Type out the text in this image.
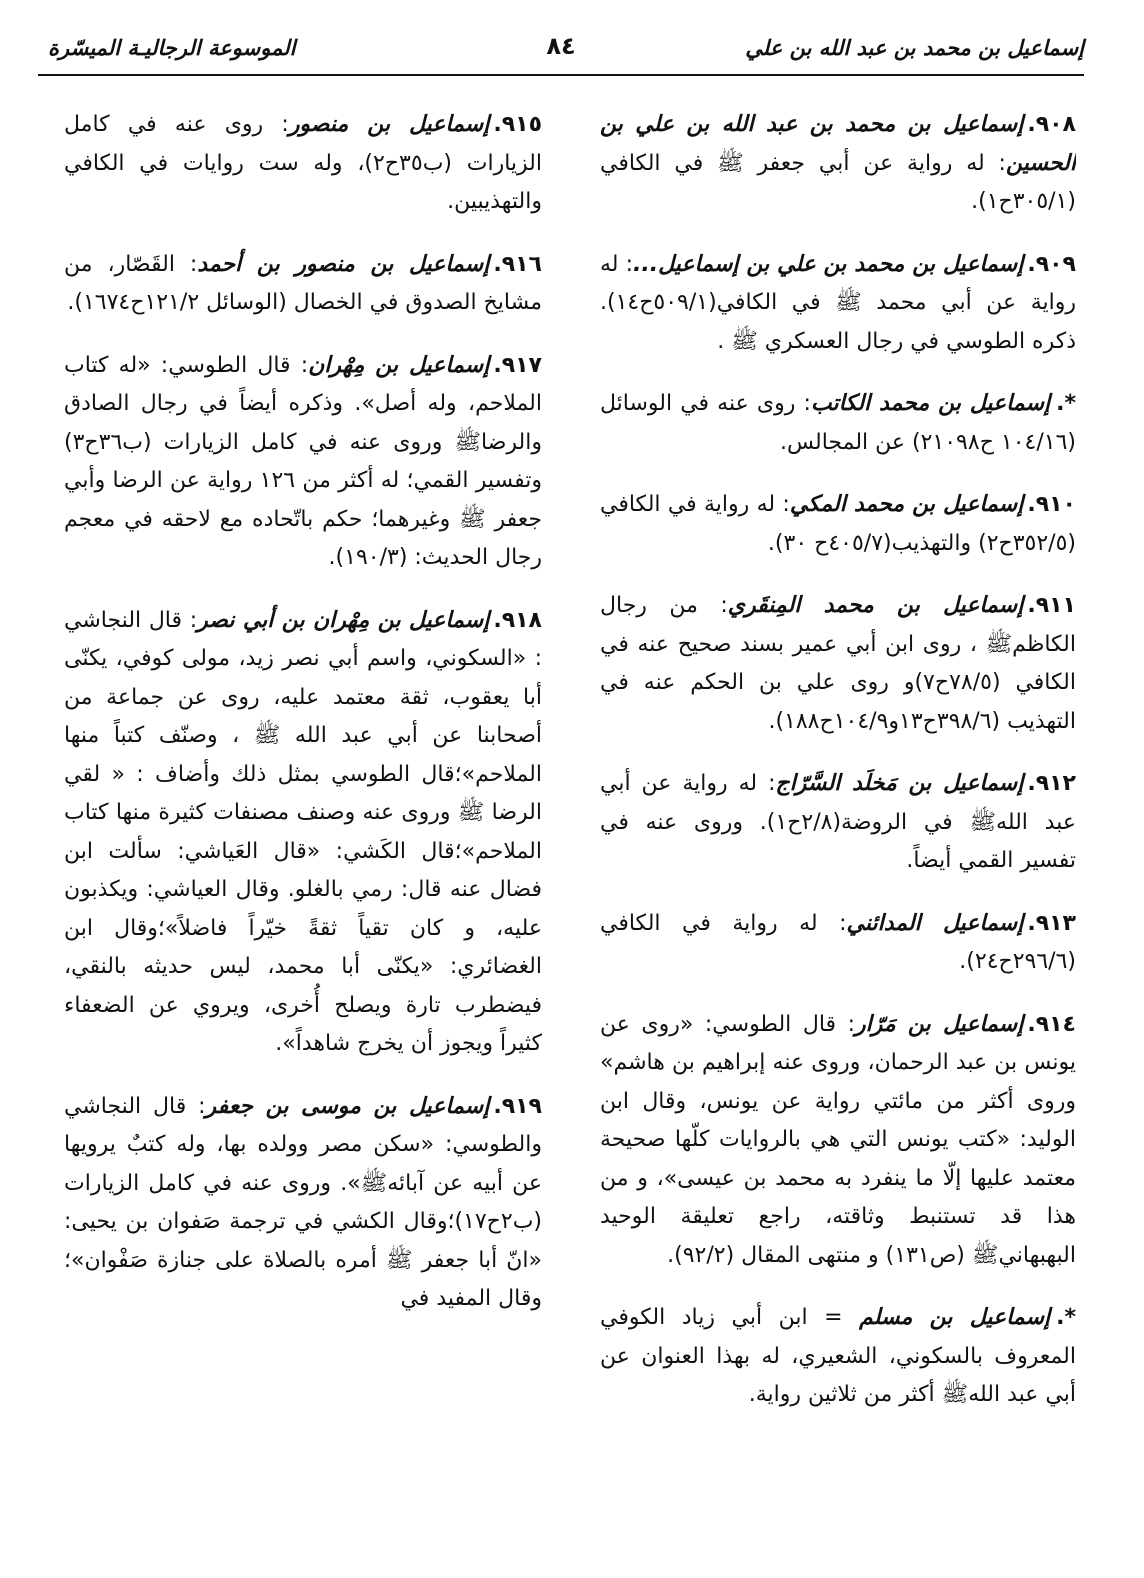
إسماعيل بن محمد بن عبد الله بن علي
٨٤
الموسوعة الرجاليـة الميسّرة

٩٠٨.إسماعيل بن محمد بن عبد الله بن علي بن الحسين: له رواية عن أبي جعفر ﷺ في الكافي (٣٠٥/١ح١).

٩٠٩.إسماعيل بن محمد بن علي بن إسماعيل...: له رواية عن أبي محمد ﷺ في الكافي(٥٠٩/١ح١٤). ذكره الطوسي في رجال العسكري ﷺ .

*.إسماعيل بن محمد الكاتب: روى عنه في الوسائل (١٠٤/١٦ ح٢١٠٩٨) عن المجالس.

٩١٠.إسماعيل بن محمد المكي: له رواية في الكافي (٣٥٢/٥ح٢) والتهذيب(٤٠٥/٧ح ٣٠).

٩١١.إسماعيل بن محمد المِنقَري: من رجال الكاظمﷺ ، روى ابن أبي عمير بسند صحيح عنه في الكافي (٧٨/٥ح٧)و روى علي بن الحكم عنه في التهذيب (٣٩٨/٦ح١٣و١٠٤/٩ح١٨٨).

٩١٢.إسماعيل بن مَخلَد السَّرّاج: له رواية عن أبي عبد اللهﷺ في الروضة(٢/٨ح١). وروى عنه في تفسير القمي أيضاً.

٩١٣.إسماعيل المدائني: له رواية في الكافي (٢٩٦/٦ح٢٤).

٩١٤.إسماعيل بن مَرّار: قال الطوسي: «روى عن يونس بن عبد الرحمان، وروى عنه إبراهيم بن هاشم» وروى أكثر من مائتي رواية عن يونس، وقال ابن الوليد: «كتب يونس التي هي بالروايات كلّها صحيحة معتمد عليها إلّا ما ينفرد به محمد بن عيسى»، و من هذا قد تستنبط وثاقته، راجع تعليقة الوحيد البهبهانيﷺ (ص١٣١) و منتهى المقال (٩٢/٢).

*.إسماعيل بن مسلم = ابن أبي زياد الكوفي المعروف بالسكوني، الشعيري، له بهذا العنوان عن أبي عبد اللهﷺ أكثر من ثلاثين رواية.

٩١٥.إسماعيل بن منصور: روى عنه في كامل الزيارات (ب٣٥ح٢)، وله ست روايات في الكافي والتهذيبين.

٩١٦.إسماعيل بن منصور بن أحمد: القَصّار، من مشايخ الصدوق في الخصال (الوسائل ١٢١/٢ح١٦٧٤).

٩١٧.إسماعيل بن مِهْران: قال الطوسي: «له كتاب الملاحم، وله أصل». وذكره أيضاً في رجال الصادق والرضاﷺ وروى عنه في كامل الزيارات (ب٣٦ح٣) وتفسير القمي؛ له أكثر من ١٢٦ رواية عن الرضا وأبي جعفر ﷺ وغيرهما؛ حكم باتّحاده مع لاحقه في معجم رجال الحديث: (١٩٠/٣).

٩١٨.إسماعيل بن مِهْران بن أبي نصر: قال النجاشي : «السكوني، واسم أبي نصر زيد، مولى كوفي، يكنّى أبا يعقوب، ثقة معتمد عليه، روى عن جماعة من أصحابنا عن أبي عبد الله ﷺ ، وصنّف كتباً منها الملاحم»؛قال الطوسي بمثل ذلك وأضاف : « لقي الرضا ﷺ وروى عنه وصنف مصنفات كثيرة منها كتاب الملاحم»؛قال الكَشي: «قال العَياشي: سألت ابن فضال عنه قال: رمي بالغلو. وقال العياشي: ويكذبون عليه، و كان تقياً ثقةً خيّراً فاضلاً»؛وقال ابن الغضائري: «يكنّى أبا محمد، ليس حديثه بالنقي، فيضطرب تارة ويصلح أُخرى، ويروي عن الضعفاء كثيراً ويجوز أن يخرج شاهداً».

٩١٩.إسماعيل بن موسى بن جعفر: قال النجاشي والطوسي: «سكن مصر وولده بها، وله كتبٌ يرويها عن أبيه عن آبائهﷺ». وروى عنه في كامل الزيارات (ب٢ح١٧)؛وقال الكشي في ترجمة صَفوان بن يحيى: «انّ أبا جعفر ﷺ أمره بالصلاة على جنازة صَفْوان»؛وقال المفيد في
